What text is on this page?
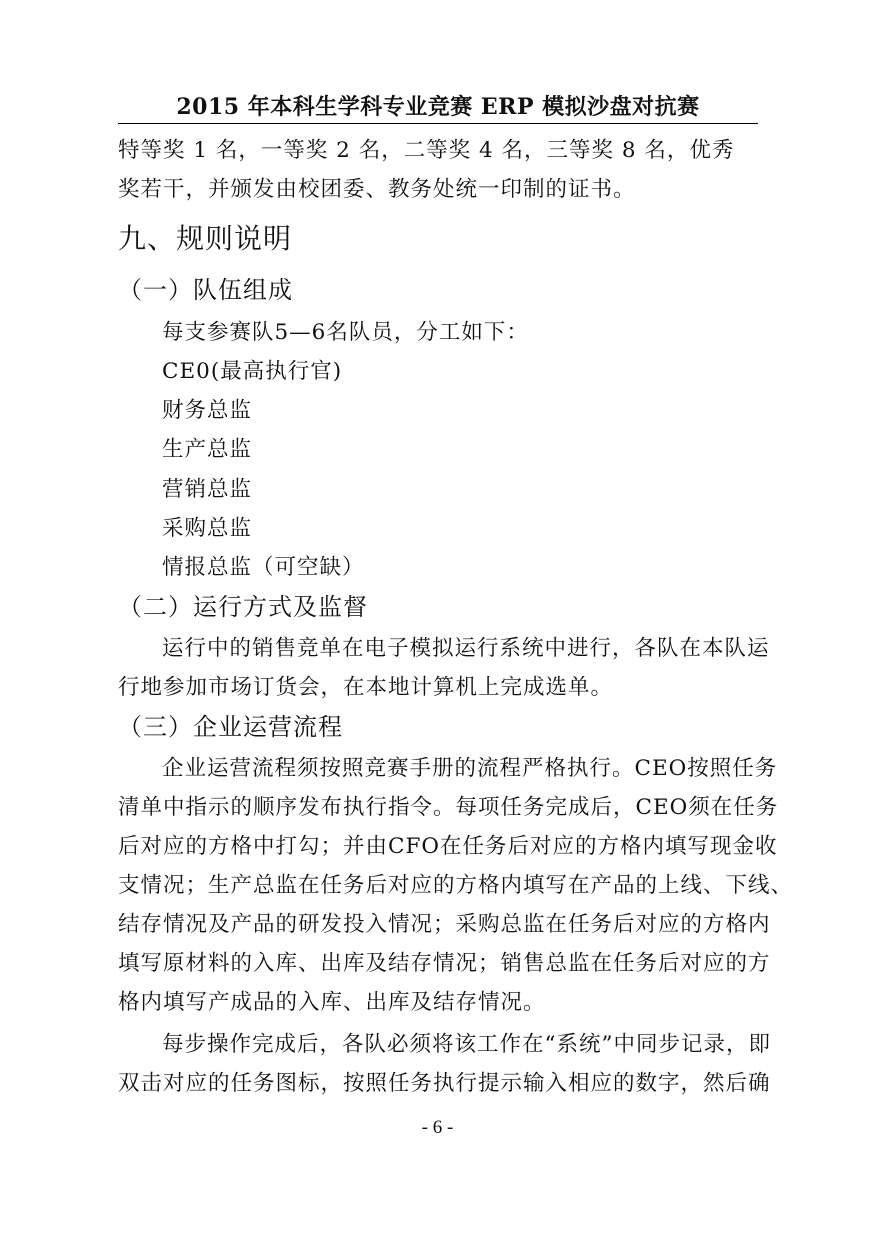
2015 年本科生学科专业竞赛 ERP 模拟沙盘对抗赛
特等奖 1 名，一等奖 2 名，二等奖 4 名，三等奖 8 名，优秀
奖若干，并颁发由校团委、教务处统一印制的证书。
九、规则说明
（一）队伍组成
每支参赛队5—6名队员，分工如下：
CE0(最高执行官)
财务总监
生产总监
营销总监
采购总监
情报总监（可空缺）
（二）运行方式及监督
运行中的销售竞单在电子模拟运行系统中进行，各队在本队运
行地参加市场订货会，在本地计算机上完成选单。
（三）企业运营流程
企业运营流程须按照竞赛手册的流程严格执行。CEO按照任务
清单中指示的顺序发布执行指令。每项任务完成后，CEO须在任务
后对应的方格中打勾；并由CFO在任务后对应的方格内填写现金收
支情况；生产总监在任务后对应的方格内填写在产品的上线、下线、
结存情况及产品的研发投入情况；采购总监在任务后对应的方格内
填写原材料的入库、出库及结存情况；销售总监在任务后对应的方
格内填写产成品的入库、出库及结存情况。
每步操作完成后，各队必须将该工作在“系统”中同步记录，即
双击对应的任务图标，按照任务执行提示输入相应的数字，然后确
- 6 -
